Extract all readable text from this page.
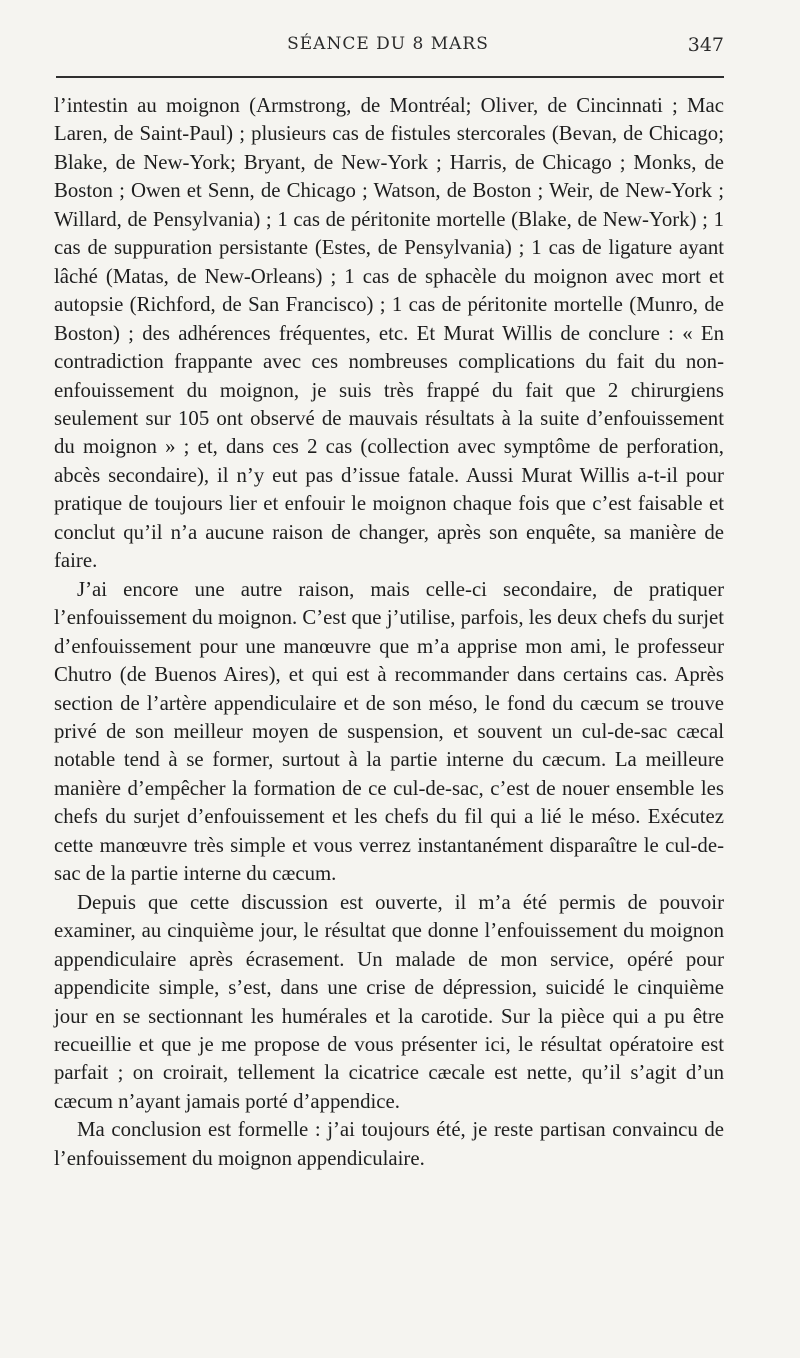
SÉANCE DU 8 MARS	347

l’intestin au moignon (Armstrong, de Montréal; Oliver, de Cincinnati ; Mac Laren, de Saint-Paul) ; plusieurs cas de fistules stercorales (Bevan, de Chicago; Blake, de New-York; Bryant, de New-York ; Harris, de Chicago ; Monks, de Boston ; Owen et Senn, de Chicago ; Watson, de Boston ; Weir, de New-York ; Willard, de Pensylvania) ; 1 cas de péritonite mortelle (Blake, de New-York) ; 1 cas de suppuration persistante (Estes, de Pensylvania) ; 1 cas de ligature ayant lâché (Matas, de New-Orleans) ; 1 cas de sphacèle du moignon avec mort et autopsie (Richford, de San Francisco) ; 1 cas de péritonite mortelle (Munro, de Boston) ; des adhérences fréquentes, etc. Et Murat Willis de conclure : « En contradiction frappante avec ces nombreuses complications du fait du non-enfouissement du moignon, je suis très frappé du fait que 2 chirurgiens seulement sur 105 ont observé de mauvais résultats à la suite d’enfouissement du moignon » ; et, dans ces 2 cas (collection avec symptôme de perforation, abcès secondaire), il n’y eut pas d’issue fatale. Aussi Murat Willis a-t-il pour pratique de toujours lier et enfouir le moignon chaque fois que c’est faisable et conclut qu’il n’a aucune raison de changer, après son enquête, sa manière de faire.

J’ai encore une autre raison, mais celle-ci secondaire, de pratiquer l’enfouissement du moignon. C’est que j’utilise, parfois, les deux chefs du surjet d’enfouissement pour une manœuvre que m’a apprise mon ami, le professeur Chutro (de Buenos Aires), et qui est à recommander dans certains cas. Après section de l’artère appendiculaire et de son méso, le fond du cæcum se trouve privé de son meilleur moyen de suspension, et souvent un cul-de-sac cæcal notable tend à se former, surtout à la partie interne du cæcum. La meilleure manière d’empêcher la formation de ce cul-de-sac, c’est de nouer ensemble les chefs du surjet d’enfouissement et les chefs du fil qui a lié le méso. Exécutez cette manœuvre très simple et vous verrez instantanément disparaître le cul-de-sac de la partie interne du cæcum.

Depuis que cette discussion est ouverte, il m’a été permis de pouvoir examiner, au cinquième jour, le résultat que donne l’enfouissement du moignon appendiculaire après écrasement. Un malade de mon service, opéré pour appendicite simple, s’est, dans une crise de dépression, suicidé le cinquième jour en se sectionnant les humérales et la carotide. Sur la pièce qui a pu être recueillie et que je me propose de vous présenter ici, le résultat opératoire est parfait ; on croirait, tellement la cicatrice cæcale est nette, qu’il s’agit d’un cæcum n’ayant jamais porté d’appendice.

Ma conclusion est formelle : j’ai toujours été, je reste partisan convaincu de l’enfouissement du moignon appendiculaire.
